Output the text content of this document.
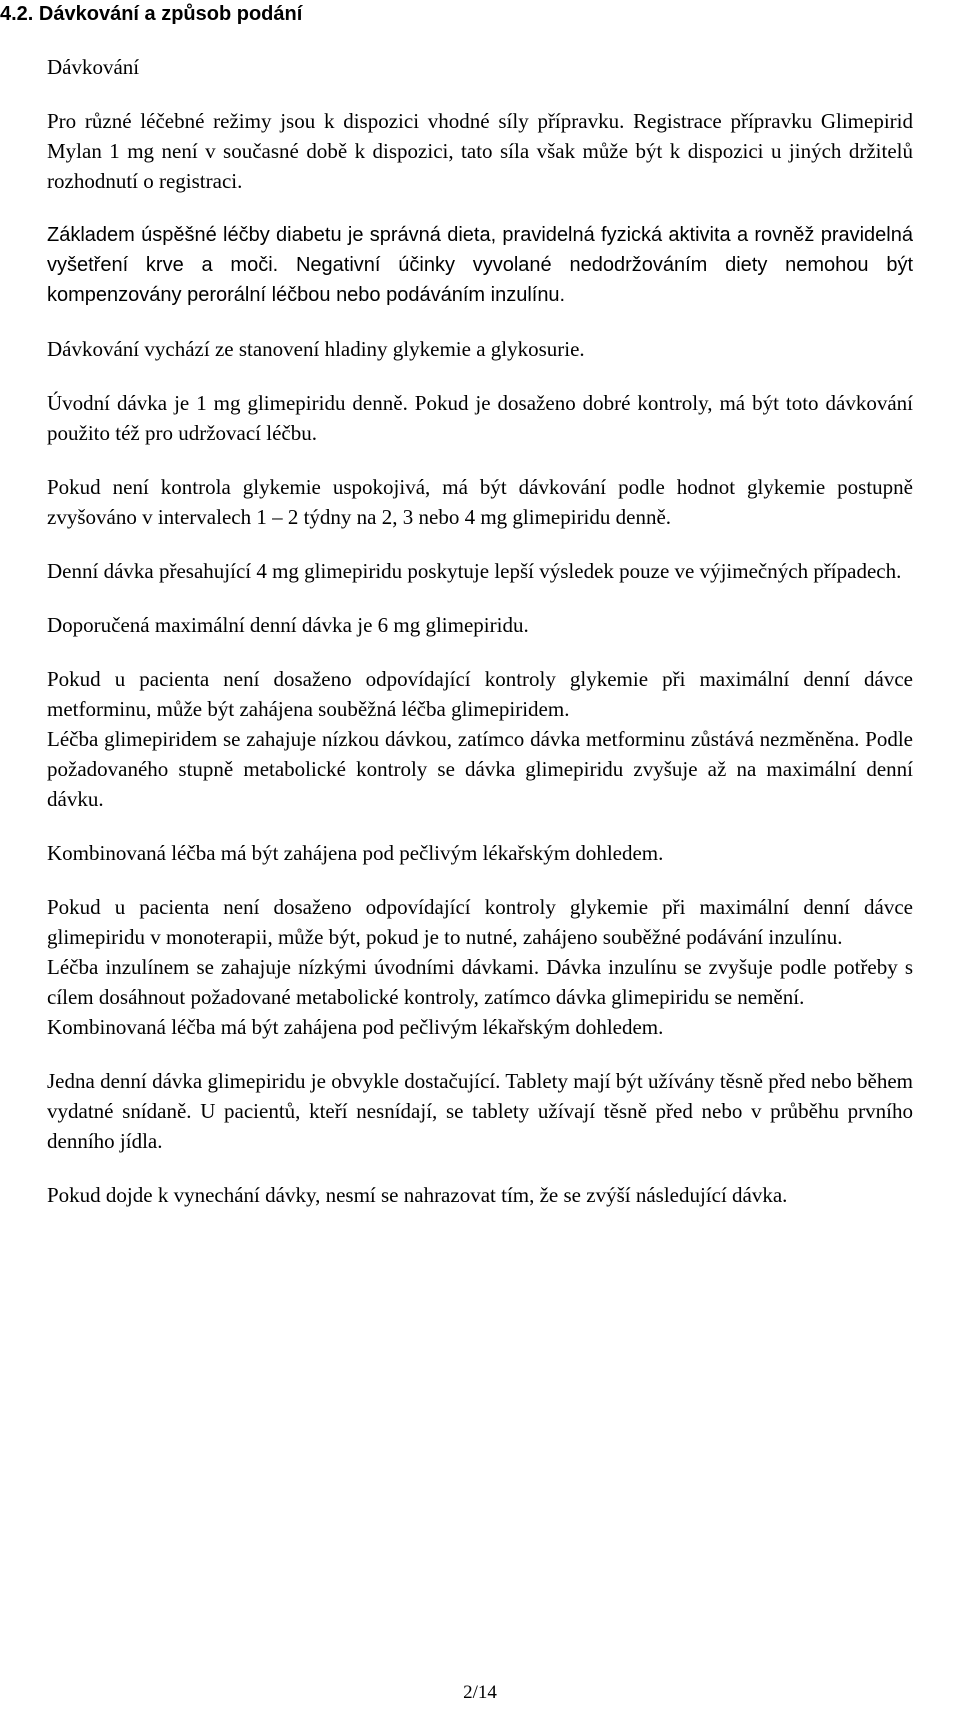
4.2. Dávkování a způsob podání

Dávkování

Pro různé léčebné režimy jsou k dispozici vhodné síly přípravku. Registrace přípravku Glimepirid Mylan 1 mg není v současné době k dispozici, tato síla však může být k dispozici u jiných držitelů rozhodnutí o registraci.

Základem úspěšné léčby diabetu je správná dieta, pravidelná fyzická aktivita a rovněž pravidelná vyšetření krve a moči. Negativní účinky vyvolané nedodržováním diety nemohou být kompenzovány perorální léčbou nebo podáváním inzulínu.

Dávkování vychází ze stanovení hladiny glykemie a glykosurie.

Úvodní dávka je 1 mg glimepiridu denně. Pokud je dosaženo dobré kontroly, má být toto dávkování použito též pro udržovací léčbu.

Pokud není kontrola glykemie uspokojivá, má být dávkování podle hodnot glykemie postupně zvyšováno v intervalech 1 – 2 týdny na 2, 3 nebo 4 mg glimepiridu denně.

Denní dávka přesahující 4 mg glimepiridu poskytuje lepší výsledek pouze ve výjimečných případech.

Doporučená maximální denní dávka je 6 mg glimepiridu.

Pokud u pacienta není dosaženo odpovídající kontroly glykemie při maximální denní dávce metforminu, může být zahájena souběžná léčba glimepiridem.

Léčba glimepiridem se zahajuje nízkou dávkou, zatímco dávka metforminu zůstává nezměněna. Podle požadovaného stupně metabolické kontroly se dávka glimepiridu zvyšuje až na maximální denní dávku.

Kombinovaná léčba má být zahájena pod pečlivým lékařským dohledem.

Pokud u pacienta není dosaženo odpovídající kontroly glykemie při maximální denní dávce glimepiridu v monoterapii, může být, pokud je to nutné, zahájeno souběžné podávání inzulínu.

Léčba inzulínem se zahajuje nízkými úvodními dávkami. Dávka inzulínu se zvyšuje podle potřeby s cílem dosáhnout požadované metabolické kontroly, zatímco dávka glimepiridu se nemění.

Kombinovaná léčba má být zahájena pod pečlivým lékařským dohledem.

Jedna denní dávka glimepiridu je obvykle dostačující. Tablety mají být užívány těsně před nebo během vydatné snídaně. U pacientů, kteří nesnídají, se tablety užívají těsně před nebo v průběhu prvního denního jídla.

Pokud dojde k vynechání dávky, nesmí se nahrazovat tím, že se zvýší následující dávka.

2/14
